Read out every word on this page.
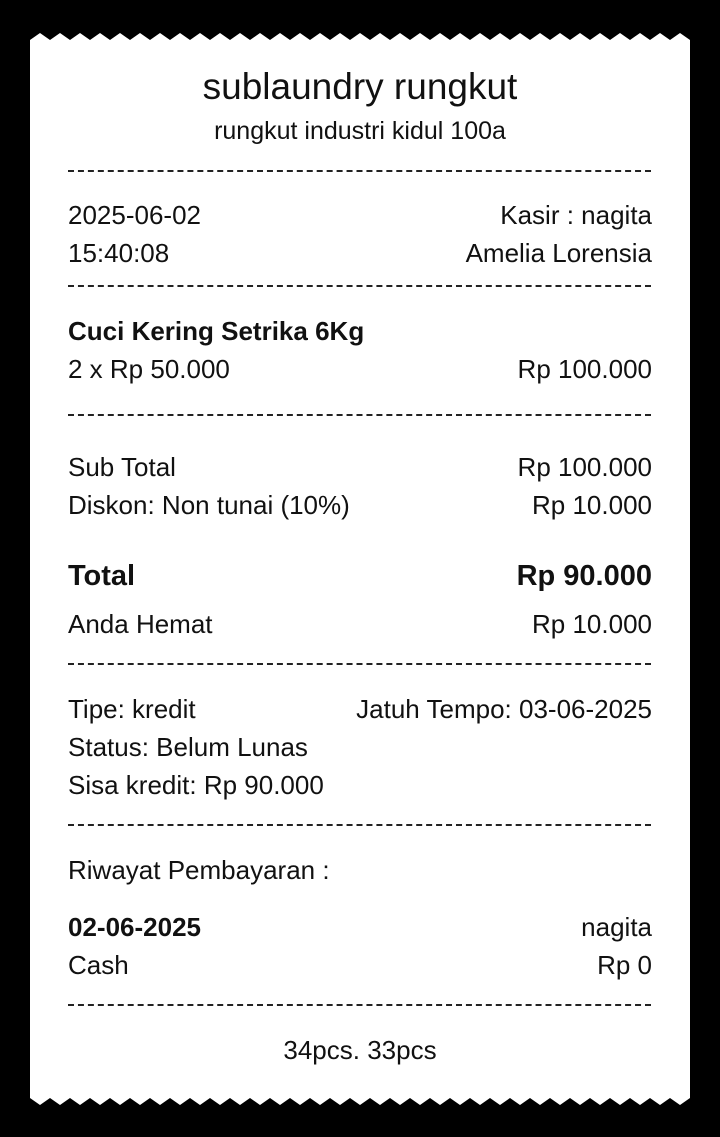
sublaundry rungkut
rungkut industri kidul 100a
2025-06-02	Kasir : nagita
15:40:08	Amelia Lorensia
Cuci Kering Setrika 6Kg
2 x Rp 50.000	Rp 100.000
Sub Total	Rp 100.000
Diskon: Non tunai (10%)	Rp 10.000
Total	Rp 90.000
Anda Hemat	Rp 10.000
Tipe: kredit	Jatuh Tempo: 03-06-2025
Status: Belum Lunas
Sisa kredit: Rp 90.000
Riwayat Pembayaran :
02-06-2025	nagita
Cash	Rp 0
34pcs. 33pcs
